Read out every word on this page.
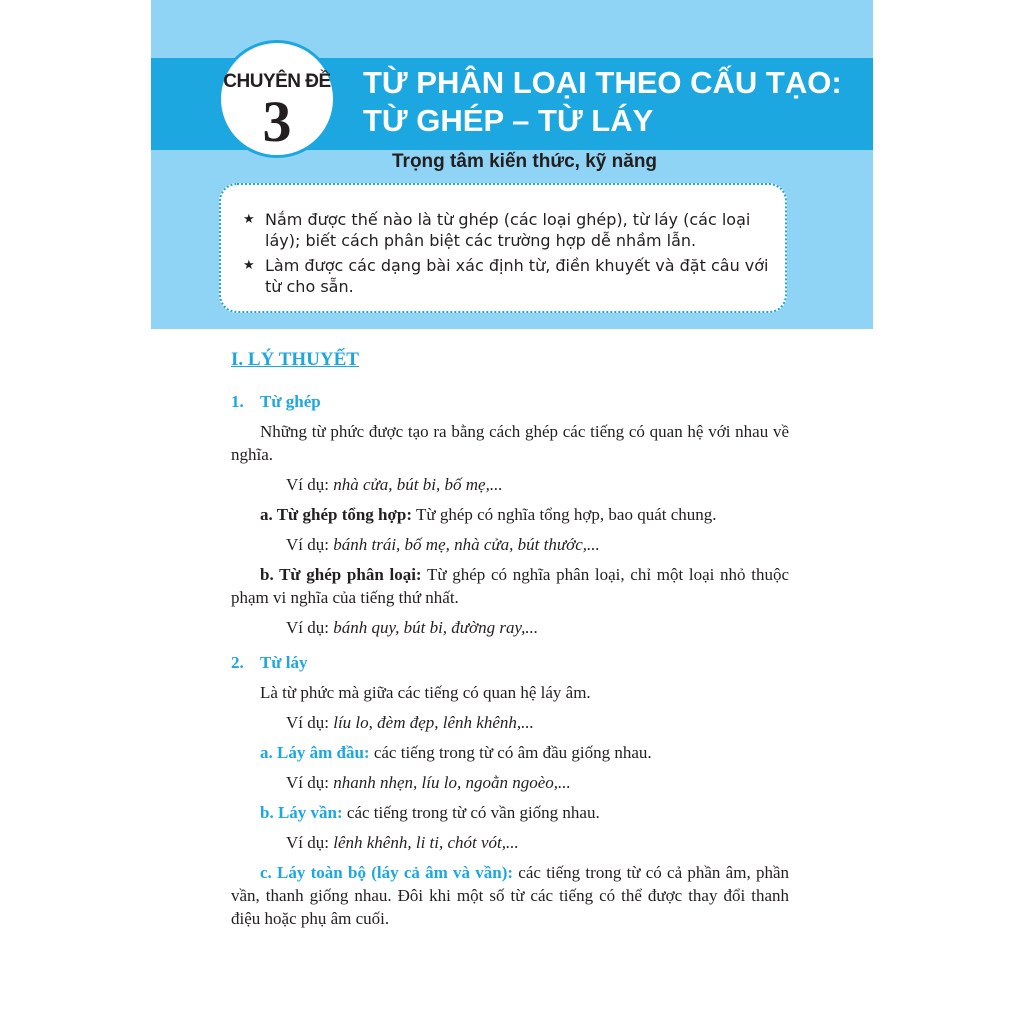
CHUYÊN ĐỀ
3
TỪ PHÂN LOẠI THEO CẤU TẠO:
TỪ GHÉP – TỪ LÁY
Trọng tâm kiến thức, kỹ năng
★ Nắm được thế nào là từ ghép (các loại ghép), từ láy (các loại láy); biết cách phân biệt các trường hợp dễ nhầm lẫn.
★ Làm được các dạng bài xác định từ, điền khuyết và đặt câu với từ cho sẵn.
I. LÝ THUYẾT
1. Từ ghép

Những từ phức được tạo ra bằng cách ghép các tiếng có quan hệ với nhau về nghĩa.

Ví dụ: nhà cửa, bút bi, bố mẹ,...

a. Từ ghép tổng hợp: Từ ghép có nghĩa tổng hợp, bao quát chung.

Ví dụ: bánh trái, bố mẹ, nhà cửa, bút thước,...

b. Từ ghép phân loại: Từ ghép có nghĩa phân loại, chỉ một loại nhỏ thuộc phạm vi nghĩa của tiếng thứ nhất.

Ví dụ: bánh quy, bút bi, đường ray,...

2. Từ láy

Là từ phức mà giữa các tiếng có quan hệ láy âm.

Ví dụ: líu lo, đèm đẹp, lênh khênh,...

a. Láy âm đầu: các tiếng trong từ có âm đầu giống nhau.

Ví dụ: nhanh nhẹn, líu lo, ngoằn ngoèo,...

b. Láy vần: các tiếng trong từ có vần giống nhau.

Ví dụ: lênh khênh, li ti, chót vót,...

c. Láy toàn bộ (láy cả âm và vần): các tiếng trong từ có cả phần âm, phần vần, thanh giống nhau. Đôi khi một số từ các tiếng có thể được thay đổi thanh điệu hoặc phụ âm cuối.
